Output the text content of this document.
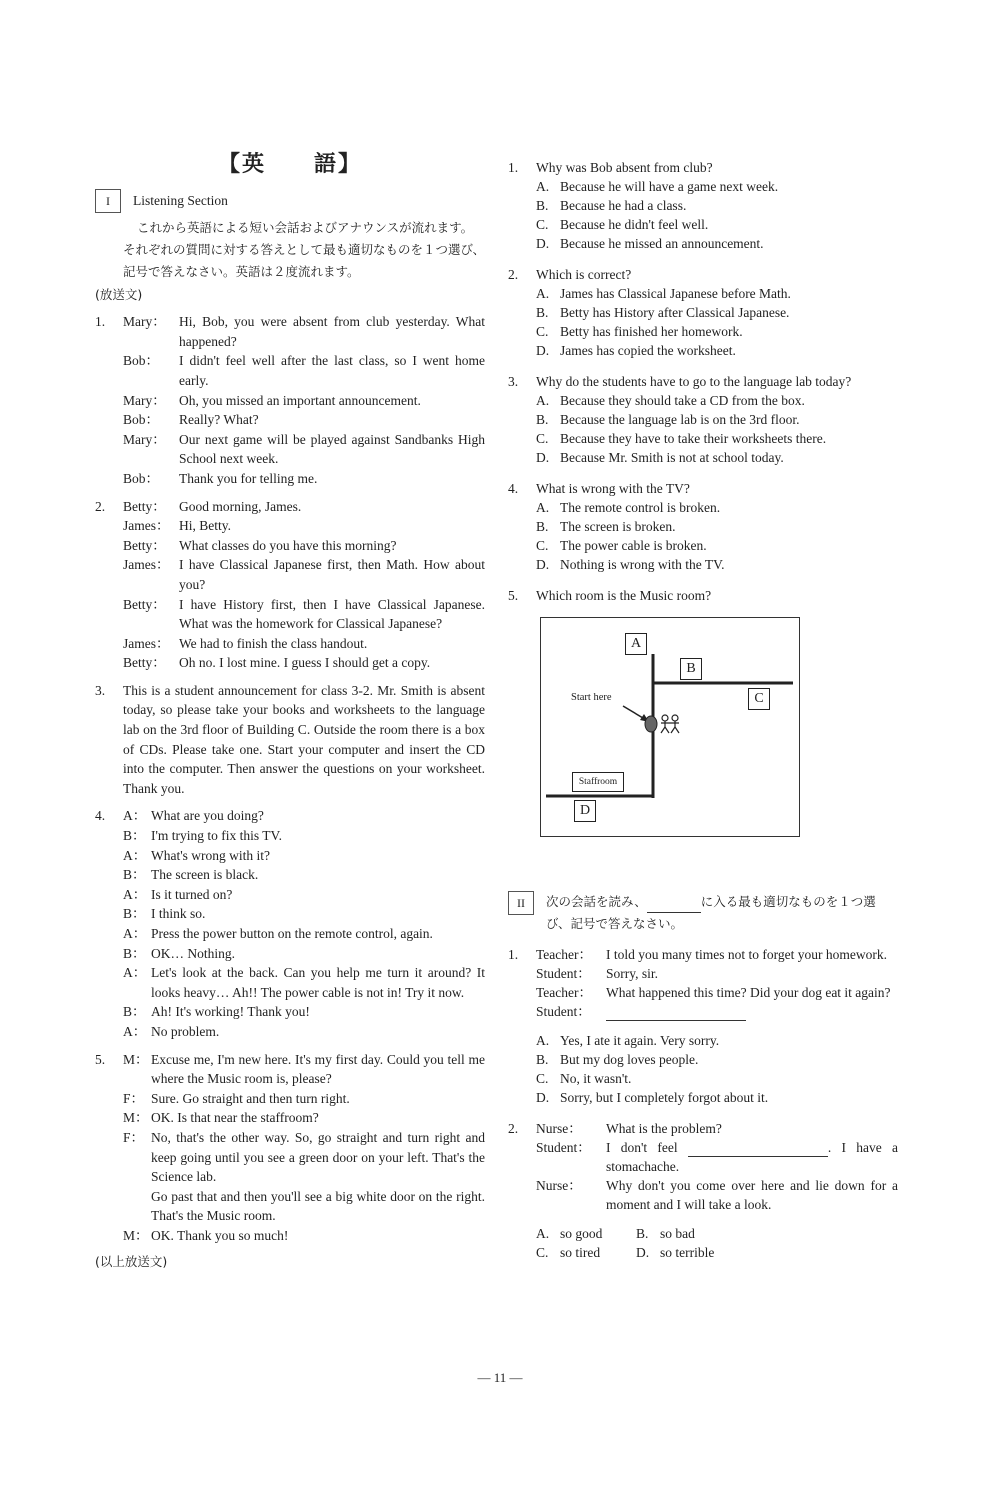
【英　　語】
I	Listening Section
これから英語による短い会話およびアナウンスが流れます。それぞれの質問に対する答えとして最も適切なものを１つ選び、記号で答えなさい。英語は２度流れます。
(放送文)
1.	Mary： Hi, Bob, you were absent from club yesterday. What happened?
Bob：	I didn't feel well after the last class, so I went home early.
Mary： Oh, you missed an important announcement.
Bob：	Really? What?
Mary： Our next game will be played against Sandbanks High School next week.
Bob：	Thank you for telling me.
2.	Betty： Good morning, James.
James： Hi, Betty.
Betty： What classes do you have this morning?
James： I have Classical Japanese first, then Math. How about you?
Betty： I have History first, then I have Classical Japanese. What was the homework for Classical Japanese?
James： We had to finish the class handout.
Betty： Oh no. I lost mine. I guess I should get a copy.
3.	This is a student announcement for class 3-2. Mr. Smith is absent today, so please take your books and worksheets to the language lab on the 3rd floor of Building C. Outside the room there is a box of CDs. Please take one. Start your computer and insert the CD into the computer. Then answer the questions on your worksheet. Thank you.
4.	A： What are you doing?
B： I'm trying to fix this TV.
A： What's wrong with it?
B： The screen is black.
A： Is it turned on?
B： I think so.
A： Press the power button on the remote control, again.
B： OK… Nothing.
A： Let's look at the back. Can you help me turn it around? It looks heavy… Ah!! The power cable is not in! Try it now.
B： Ah! It's working! Thank you!
A： No problem.
5.	M： Excuse me, I'm new here. It's my first day. Could you tell me where the Music room is, please?
F： Sure. Go straight and then turn right.
M： OK. Is that near the staffroom?
F： No, that's the other way. So, go straight and turn right and keep going until you see a green door on your left. That's the Science lab.
Go past that and then you'll see a big white door on the right. That's the Music room.
M： OK. Thank you so much!
(以上放送文)
1.	Why was Bob absent from club?
A. Because he will have a game next week.
B. Because he had a class.
C. Because he didn't feel well.
D. Because he missed an announcement.
2.	Which is correct?
A. James has Classical Japanese before Math.
B. Betty has History after Classical Japanese.
C. Betty has finished her homework.
D. James has copied the worksheet.
3.	Why do the students have to go to the language lab today?
A. Because they should take a CD from the box.
B. Because the language lab is on the 3rd floor.
C. Because they have to take their worksheets there.
D. Because Mr. Smith is not at school today.
4.	What is wrong with the TV?
A. The remote control is broken.
B. The screen is broken.
C. The power cable is broken.
D. Nothing is wrong with the TV.
5.	Which room is the Music room?
A
B
C
D
Start here
Staffroom
II	次の会話を読み、	に入る最も適切なものを１つ選び、記号で答えなさい。
1.	Teacher：	I told you many times not to forget your homework.
Student：	Sorry, sir.
Teacher：	What happened this time? Did your dog eat it again?
Student：
A. Yes, I ate it again. Very sorry.
B. But my dog loves people.
C. No, it wasn't.
D. Sorry, but I completely forgot about it.
2.	Nurse：	What is the problem?
Student：	I don't feel	. I have a stomachache.
Nurse：	Why don't you come over here and lie down for a moment and I will take a look.
A. so good B. so bad
C. so tired	D. so terrible
— 11 —
